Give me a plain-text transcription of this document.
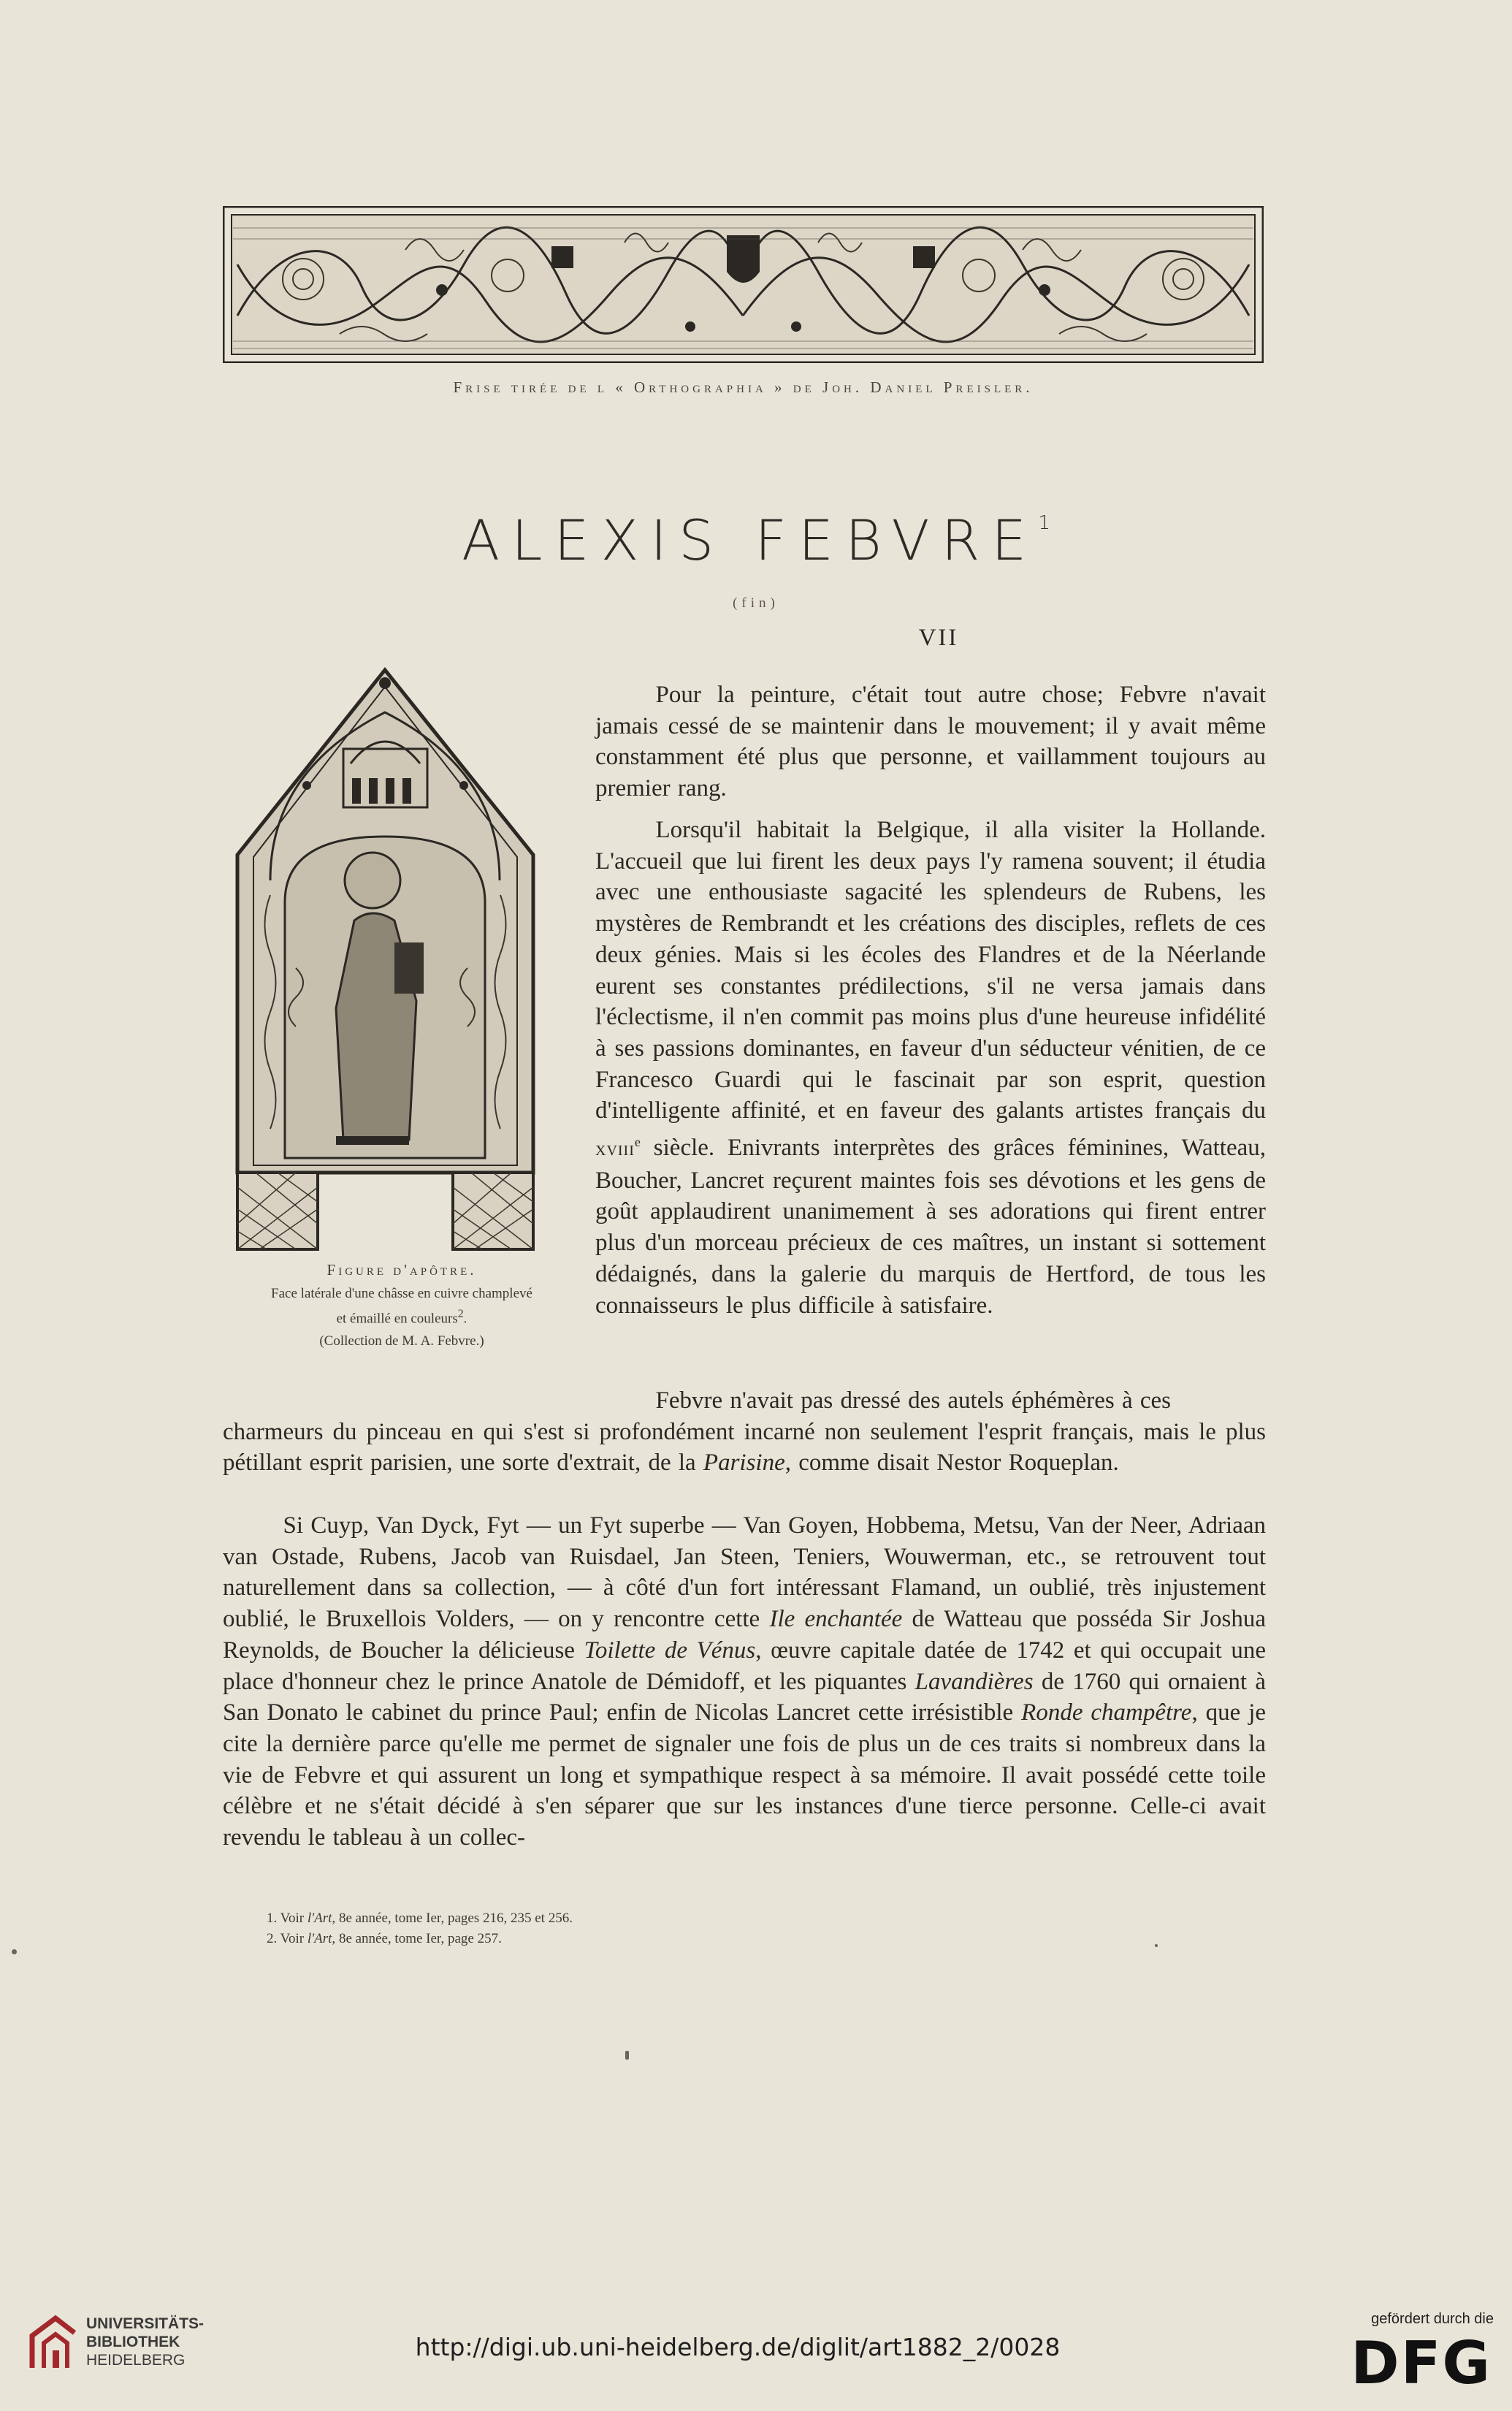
Frise tirée de l « Orthographia » de Joh. Daniel Preisler.
ALEXIS FEBVRE$^1$
(fin)
VII
Figure d'apôtre.
Face latérale d'une châsse en cuivre champlevé
et émaillé en couleurs$^2$.
(Collection de M. A. Febvre.)

Pour la peinture, c'était tout autre chose; Febvre n'avait jamais cessé de se maintenir dans le mouvement; il y avait même constamment été plus que personne, et vaillamment toujours au premier rang.

Lorsqu'il habitait la Belgique, il alla visiter la Hollande. L'accueil que lui firent les deux pays l'y ramena souvent; il étudia avec une enthousiaste sagacité les splendeurs de Rubens, les mystères de Rembrandt et les créations des disciples, reflets de ces deux génies. Mais si les écoles des Flandres et de la Néerlande eurent ses constantes prédilections, s'il ne versa jamais dans l'éclectisme, il n'en commit pas moins plus d'une heureuse infidélité à ses passions dominantes, en faveur d'un séducteur vénitien, de ce Francesco Guardi qui le fascinait par son esprit, question d'intelligente affinité, et en faveur des galants artistes français du xviii$^e$ siècle. Enivrants interprètes des grâces féminines, Watteau, Boucher, Lancret reçurent maintes fois ses dévotions et les gens de goût applaudirent unanimement à ses adorations qui firent entrer plus d'un morceau précieux de ces maîtres, un instant si sottement dédaignés, dans la galerie du marquis de Hertford, de tous les connaisseurs le plus difficile à satisfaire.

Febvre n'avait pas dressé des autels éphémères à ces
charmeurs du pinceau en qui s'est si profondément incarné non seulement l'esprit français, mais le plus pétillant esprit parisien, une sorte d'extrait, de la Parisine, comme disait Nestor Roqueplan.

Si Cuyp, Van Dyck, Fyt — un Fyt superbe — Van Goyen, Hobbema, Metsu, Van der Neer, Adriaan van Ostade, Rubens, Jacob van Ruisdael, Jan Steen, Teniers, Wouwerman, etc., se retrouvent tout naturellement dans sa collection, — à côté d'un fort intéressant Flamand, un oublié, très injustement oublié, le Bruxellois Volders, — on y rencontre cette Ile enchantée de Watteau que posséda Sir Joshua Reynolds, de Boucher la délicieuse Toilette de Vénus, œuvre capitale datée de 1742 et qui occupait une place d'honneur chez le prince Anatole de Démidoff, et les piquantes Lavandières de 1760 qui ornaient à San Donato le cabinet du prince Paul; enfin de Nicolas Lancret cette irrésistible Ronde champêtre, que je cite la dernière parce qu'elle me permet de signaler une fois de plus un de ces traits si nombreux dans la vie de Febvre et qui assurent un long et sympathique respect à sa mémoire. Il avait possédé cette toile célèbre et ne s'était décidé à s'en séparer que sur les instances d'une tierce personne. Celle-ci avait revendu le tableau à un collec-

1. Voir l'Art, 8e année, tome Ier, pages 216, 235 et 256.
2. Voir l'Art, 8e année, tome Ier, page 257.
UNIVERSITÄTS-
BIBLIOTHEK
HEIDELBERG	http://digi.ub.uni-heidelberg.de/diglit/art1882_2/0028
gefördert durch die
DFG
